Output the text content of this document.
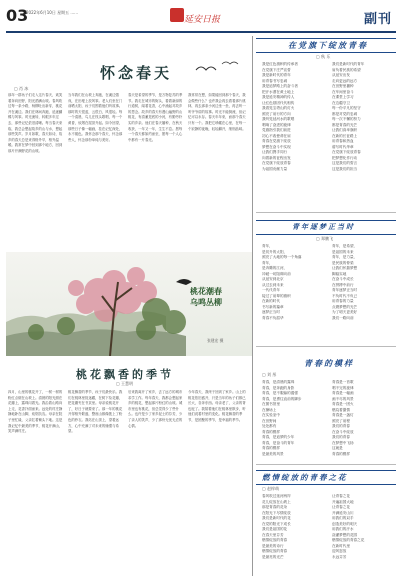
03
2022年6月10日 星期五 ......
延安日报	副刊
怀念春天
▢ 肖 冰
那年一群孩子们走入这片春天，欢笑着奔向田野，阳光洒满山坡。春风吹过每一条小路，杨柳吐出新芽，桃花开在溪边。我们在林间奔跑，追逐蝴蝶与风筝。时光流转，转眼多年过去，那些记忆依旧清晰。每当春天来临，我总会想起故乡的山与水，想起那些笑声。岁月如歌，春天如诗，故乡的春天总是来得格外早，格外温暖。我常在梦中回到那个地方，回到那片开满野花的山坡。
当年我们在山坡上奔跑，在溪边嬉戏，在田埂上放风筝。老人们坐在门前晒太阳，孩子们围着他们听故事。那时的天很蓝，云很白，风很轻。每一个清晨，鸟儿在枝头歌唱，每一个黄昏，炊烟在屋顶升起。如今回望，那些日子像一幅画，挂在记忆深处，永不褪色。我怀念那个春天，怀念那些人，怀念那份单纯与美好。
春天是希望的季节，是万物复苏的季节。我走在城市的街头，看着新绿的行道树，闻着花香，心中涌起对故乡的思念。故乡的春天有漫山遍野的山桃花，有清澈见底的小河，有勤劳朴实的乡亲。他们在春天播种，在秋天收获，一年又一年，生生不息。愿每一个春天都如约而至，愿每一个人心中都有一片春光。
我常常在想，如果能回到那个春天，我会做些什么？也许我会再去看看那片桃林，再去那条小河边坐一坐，再去听一听爷爷讲的故事。时光不能倒流，但记忆可以永存。春天年年来，而那个春天只有一个。我把它珍藏在心里，在每一个寂静的夜晚，轻轻翻开，细细品味。
桃花潮春
乌鸣丛柳
张建宏 摄
桃花飘香的季节
▢ 王慧明
四月，山里的桃花开了，一树一树的粉红点缀在山坡上。清晨的阳光照在花瓣上，露珠闪着光。我沿着山路向上走，花香扑面而来。远处的村庄静静地卧在山脚，炊烟袅袅。母亲在院子里忙碌，父亲扛着锄头下地。这是我记忆中最美的季节，桃花开满山，笑声满村庄。
桃花飘香的季节，孩子们最快乐。我们在桃林里捉迷藏，在树下捡花瓣，把花瓣夹在书页里。母亲说桃花开了，好日子就要来了。那一年的桃花开得格外繁盛，整座山都像披上了粉色的纱衣。我站在山顶上，望着远方，心中充满了对未来的憧憬与希望。
后来我离开了家乡，去了远方的城市求学工作。每年春天，我都会想起家乡的桃花，想起那片粉红的山坡。城市里也有桃花，但总觉得少了些什么。也许是少了家乡泥土的芬芳，少了亲人的笑声，少了那份无忧无虑的心情。
今年春天，我终于回到了家乡。山上的桃花依旧盛开，只是当年的孩子们都已长大，各奔东西。母亲老了，父亲的背也驼了。我陪着他们在桃林里散步，听他们说着村里的变化。桃花飘香的季节，是团聚的季节，是幸福的季节。
在党旗下绽放青春
▢ 秋 乐
我是红色旗帜的传承者
在党旗下庄严宣誓
我是新时代的青年
用青春书写忠诚
我是追梦路上的奋斗者
把汗水洒在黄土地上
我是延安精神的传人
让红色基因代代相传
我看见宝塔山的灯火
照亮了前行的方向
我听见延河水的歌唱
唱响了奋进的旋律
党旗指引我们前进
初心不改使命在肩
青春在党旗下绽放
梦想在奋斗中实现
让我们携手同行
向着新的征程出发
在党旗下绽放青春
为祖国贡献力量
我们是新时代的青年
肩负着民族的希望
从延安出发
走向更远的远方
在田野里播种
在车间里奋斗
在课堂上学习
在边疆守卫
每一份平凡的坚守
都是对党的忠诚
每一次不懈的努力
都是青春的光芒
让我们高举旗帜
在新的长征路上
用青春和热血
谱写时代华章
在党旗下绽放青春
把梦想化作行动
这是我们的誓言
这是我们的担当
青年逐梦正当时
▢ 郑鹏飞
青年，
是初升的太阳，
照亮了大地的每一个角落
青年，
是奔腾的江河，
冲破一切阻碍向前
从延安到北京
从过去到未来
一代代青年
接过了前辈的旗帜
在新的时代
书写新的篇章
逐梦正当时
青春不负韶华
青年，是希望，
是祖国的未来
青年，是力量，
是民族的脊梁
让我们怀揣梦想
脚踏实地
在奋斗中成长
在拼搏中前行
青年逐梦正当时
不负时代不负己
用青春的力量
点燃梦想的光芒
为了明天更美好
我们一路向前
青春的模样
▢ 刘 彤
青春，是清晨的露珠
青春，是奔跑的身影
青春，是不服输的倔强
青春，是勇往直前的脚步
在图书馆里
在操场上
在实验室中
在田野间
处处都有
青春的模样
青春，是追梦的少年
青春，是奋斗的青年
青春的模样
是最美的风景
青春是一首歌
唱不完的旋律
青春是一幅画
画不尽的风景
青春是一团火
燃烧着激情
青春是一盏灯
照亮了前程
我们的青春
在奋斗中绽放
我们的青春
在梦想中飞扬
这就是
青春的模样
燃情绽放的青春之花
▢ 赵梓萌
春风吹过延河两岸
花儿绽放在山坡上
那是青春的花朵
在阳光下尽情绽放
我们是新时代的花
在党的阳光下成长
我们是祖国的花
在春天里芬芳
燃情绽放的青春
是最美的诗行
燃情绽放的青春
是最亮的光芒
让青春之花
开遍祖国大地
让青春之花
开满延安山川
用我们的双手
创造美好的明天
用我们的汗水
浇灌梦想的花园
燃情绽放的青春之花
在新时代里
迎风怒放
永远芬芳
